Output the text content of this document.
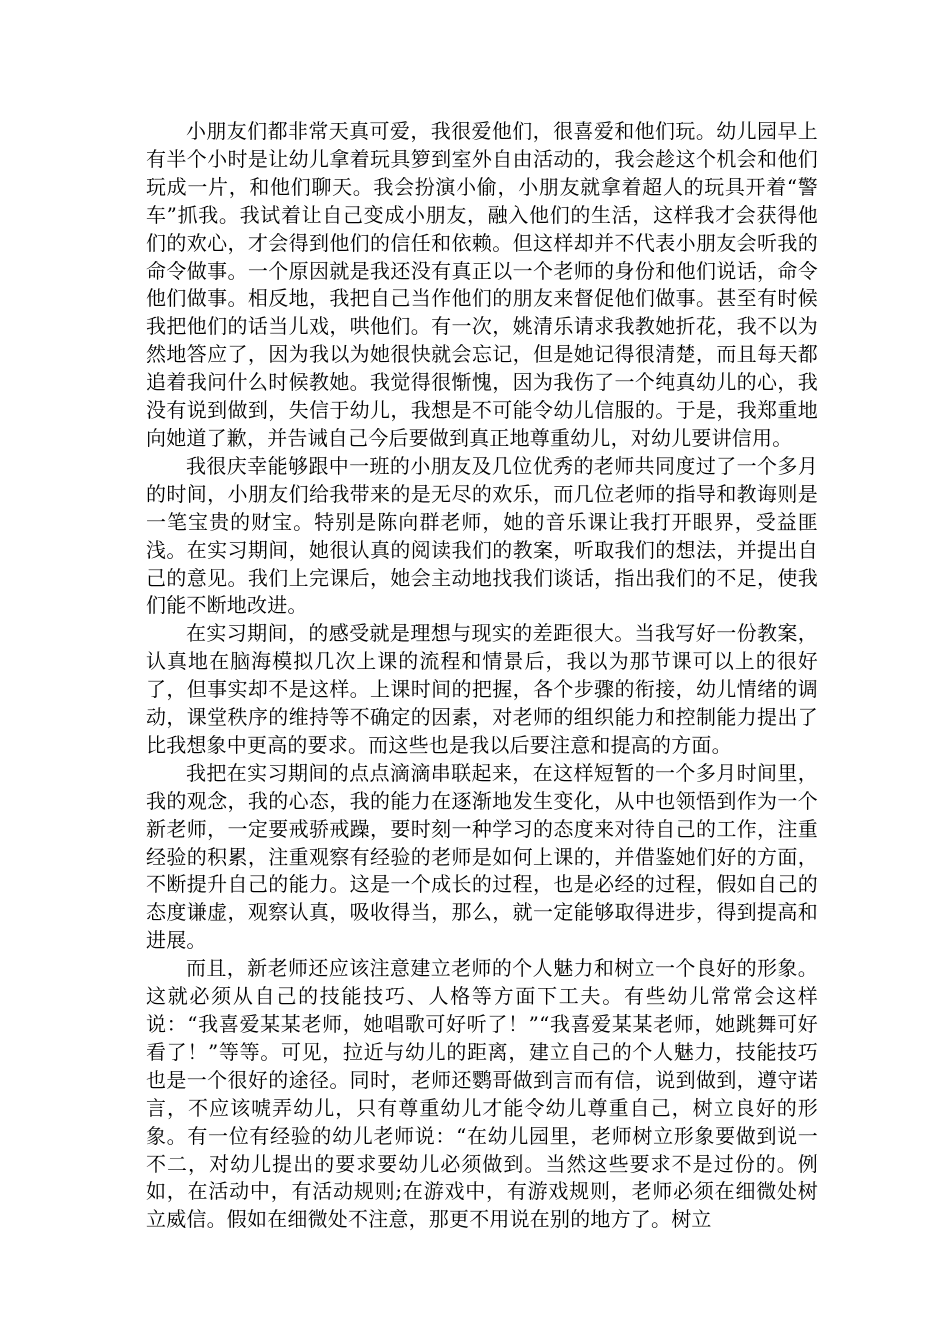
小朋友们都非常天真可爱，我很爱他们，很喜爱和他们玩。幼儿园早上有半个小时是让幼儿拿着玩具箩到室外自由活动的，我会趁这个机会和他们玩成一片，和他们聊天。我会扮演小偷，小朋友就拿着超人的玩具开着“警车”抓我。我试着让自己变成小朋友，融入他们的生活，这样我才会获得他们的欢心，才会得到他们的信任和依赖。但这样却并不代表小朋友会听我的命令做事。一个原因就是我还没有真正以一个老师的身份和他们说话，命令他们做事。相反地，我把自己当作他们的朋友来督促他们做事。甚至有时候我把他们的话当儿戏，哄他们。有一次，姚清乐请求我教她折花，我不以为然地答应了，因为我以为她很快就会忘记，但是她记得很清楚，而且每天都追着我问什么时候教她。我觉得很惭愧，因为我伤了一个纯真幼儿的心，我没有说到做到，失信于幼儿，我想是不可能令幼儿信服的。于是，我郑重地向她道了歉，并告诫自己今后要做到真正地尊重幼儿，对幼儿要讲信用。

我很庆幸能够跟中一班的小朋友及几位优秀的老师共同度过了一个多月的时间，小朋友们给我带来的是无尽的欢乐，而几位老师的指导和教诲则是一笔宝贵的财宝。特别是陈向群老师，她的音乐课让我打开眼界，受益匪浅。在实习期间，她很认真的阅读我们的教案，听取我们的想法，并提出自己的意见。我们上完课后，她会主动地找我们谈话，指出我们的不足，使我们能不断地改进。

在实习期间，的感受就是理想与现实的差距很大。当我写好一份教案，认真地在脑海模拟几次上课的流程和情景后，我以为那节课可以上的很好了，但事实却不是这样。上课时间的把握，各个步骤的衔接，幼儿情绪的调动，课堂秩序的维持等不确定的因素，对老师的组织能力和控制能力提出了比我想象中更高的要求。而这些也是我以后要注意和提高的方面。

我把在实习期间的点点滴滴串联起来，在这样短暂的一个多月时间里，我的观念，我的心态，我的能力在逐渐地发生变化，从中也领悟到作为一个新老师，一定要戒骄戒躁，要时刻一种学习的态度来对待自己的工作，注重经验的积累，注重观察有经验的老师是如何上课的，并借鉴她们好的方面，不断提升自己的能力。这是一个成长的过程，也是必经的过程，假如自己的态度谦虚，观察认真，吸收得当，那么，就一定能够取得进步，得到提高和进展。

而且，新老师还应该注意建立老师的个人魅力和树立一个良好的形象。这就必须从自己的技能技巧、人格等方面下工夫。有些幼儿常常会这样说：“我喜爱某某老师，她唱歌可好听了！”“我喜爱某某老师，她跳舞可好看了！”等等。可见，拉近与幼儿的距离，建立自己的个人魅力，技能技巧也是一个很好的途径。同时，老师还鹦哥做到言而有信，说到做到，遵守诺言，不应该唬弄幼儿，只有尊重幼儿才能令幼儿尊重自己，树立良好的形象。有一位有经验的幼儿老师说：“在幼儿园里，老师树立形象要做到说一不二，对幼儿提出的要求要幼儿必须做到。当然这些要求不是过份的。例如，在活动中，有活动规则;在游戏中，有游戏规则，老师必须在细微处树立威信。假如在细微处不注意，那更不用说在别的地方了。树立
